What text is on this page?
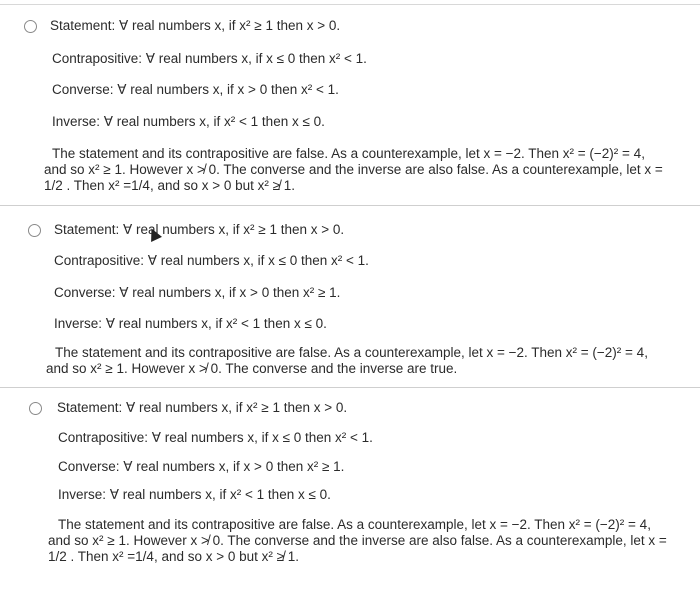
Statement: ∀ real numbers x, if x² ≥ 1 then x > 0.
Contrapositive: ∀ real numbers x, if x ≤ 0 then x² < 1.
Converse: ∀ real numbers x, if x > 0 then x² < 1.
Inverse: ∀ real numbers x, if x² < 1 then x ≤ 0.
The statement and its contrapositive are false. As a counterexample, let x = −2. Then x² = (−2)² = 4,
and so x² ≥ 1. However x ≯ 0. The converse and the inverse are also false. As a counterexample, let x =
1/2 . Then x² =1/4, and so x > 0 but x² ≱ 1.
Statement: ∀ real numbers x, if x² ≥ 1 then x > 0.
Contrapositive: ∀ real numbers x, if x ≤ 0 then x² < 1.
Converse: ∀ real numbers x, if x > 0 then x² ≥ 1.
Inverse: ∀ real numbers x, if x² < 1 then x ≤ 0.
The statement and its contrapositive are false. As a counterexample, let x = −2. Then x² = (−2)² = 4,
and so x² ≥ 1. However x ≯ 0. The converse and the inverse are true.
Statement: ∀ real numbers x, if x² ≥ 1 then x > 0.
Contrapositive: ∀ real numbers x, if x ≤ 0 then x² < 1.
Converse: ∀ real numbers x, if x > 0 then x² ≥ 1.
Inverse: ∀ real numbers x, if x² < 1 then x ≤ 0.
The statement and its contrapositive are false. As a counterexample, let x = −2. Then x² = (−2)² = 4,
and so x² ≥ 1. However x ≯ 0. The converse and the inverse are also false. As a counterexample, let x =
1/2 . Then x² =1/4, and so x > 0 but x² ≱ 1.
